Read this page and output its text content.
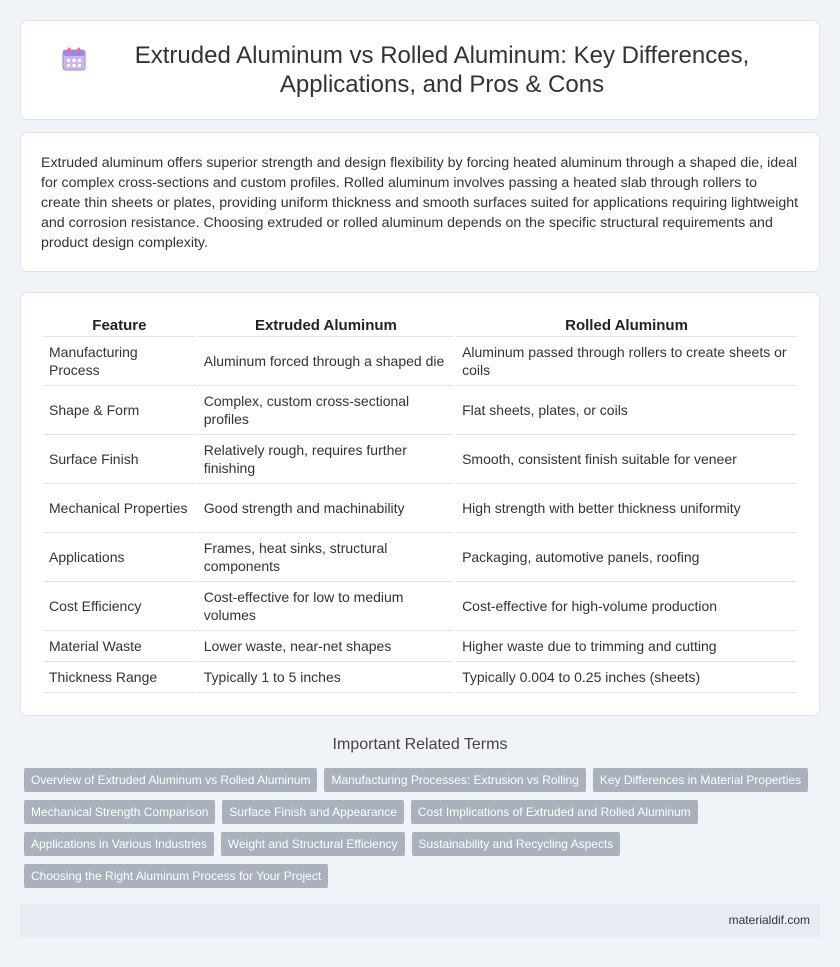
Extruded Aluminum vs Rolled Aluminum: Key Differences, Applications, and Pros & Cons

Extruded aluminum offers superior strength and design flexibility by forcing heated aluminum through a shaped die, ideal for complex cross-sections and custom profiles. Rolled aluminum involves passing a heated slab through rollers to create thin sheets or plates, providing uniform thickness and smooth surfaces suited for applications requiring lightweight and corrosion resistance. Choosing extruded or rolled aluminum depends on the specific structural requirements and product design complexity.

Feature	Extruded Aluminum	Rolled Aluminum
Manufacturing Process	Aluminum forced through a shaped die	Aluminum passed through rollers to create sheets or coils
Shape & Form	Complex, custom cross-sectional profiles	Flat sheets, plates, or coils
Surface Finish	Relatively rough, requires further finishing	Smooth, consistent finish suitable for veneer
Mechanical Properties	Good strength and machinability	High strength with better thickness uniformity
Applications	Frames, heat sinks, structural components	Packaging, automotive panels, roofing
Cost Efficiency	Cost-effective for low to medium volumes	Cost-effective for high-volume production
Material Waste	Lower waste, near-net shapes	Higher waste due to trimming and cutting
Thickness Range	Typically 1 to 5 inches	Typically 0.004 to 0.25 inches (sheets)
Important Related Terms
Overview of Extruded Aluminum vs Rolled Aluminum	Manufacturing Processes: Extrusion vs Rolling	Key Differences in Material Properties
Mechanical Strength Comparison	Surface Finish and Appearance	Cost Implications of Extruded and Rolled Aluminum
Applications in Various Industries	Weight and Structural Efficiency	Sustainability and Recycling Aspects
Choosing the Right Aluminum Process for Your Project
materialdif.com
